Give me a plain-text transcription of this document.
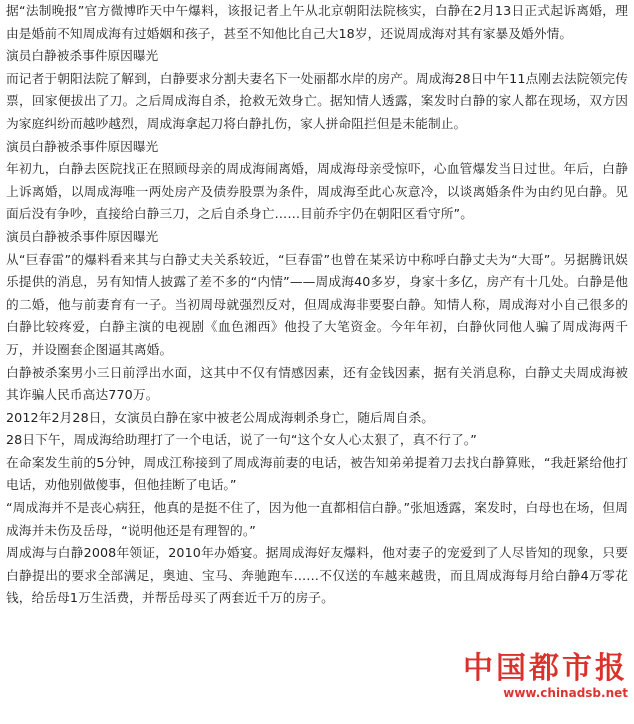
据“法制晚报”官方微博昨天中午爆料，该报记者上午从北京朝阳法院核实，白静在2月13日正式起诉离婚，理由是婚前不知周成海有过婚姻和孩子，甚至不知他比自己大18岁，还说周成海对其有家暴及婚外情。

演员白静被杀事件原因曝光

而记者于朝阳法院了解到，白静要求分割夫妻名下一处丽都水岸的房产。周成海28日中午11点刚去法院领完传票，回家便拔出了刀。之后周成海自杀，抢救无效身亡。据知情人透露，案发时白静的家人都在现场，双方因为家庭纠纷而越吵越烈，周成海拿起刀将白静扎伤，家人拼命阻拦但是未能制止。

演员白静被杀事件原因曝光

年初九，白静去医院找正在照顾母亲的周成海闹离婚，周成海母亲受惊吓，心血管爆发当日过世。年后，白静上诉离婚，以周成海唯一两处房产及债券股票为条件，周成海至此心灰意冷，以谈离婚条件为由约见白静。见面后没有争吵，直接给白静三刀，之后自杀身亡……目前乔宇仍在朝阳区看守所”。

演员白静被杀事件原因曝光

从“巨春雷”的爆料看来其与白静丈夫关系较近，“巨春雷”也曾在某采访中称呼白静丈夫为“大哥”。另据腾讯娱乐提供的消息，另有知情人披露了差不多的“内情”——周成海40多岁，身家十多亿，房产有十几处。白静是他的二婚，他与前妻育有一子。当初周母就强烈反对，但周成海非要娶白静。知情人称，周成海对小自己很多的白静比较疼爱，白静主演的电视剧《血色湘西》他投了大笔资金。今年年初，白静伙同他人骗了周成海两千万，并设圈套企图逼其离婚。

白静被杀案男小三日前浮出水面，这其中不仅有情感因素，还有金钱因素，据有关消息称，白静丈夫周成海被其诈骗人民币高达770万。

2012年2月28日，女演员白静在家中被老公周成海刺杀身亡，随后周自杀。

28日下午，周成海给助理打了一个电话，说了一句“这个女人心太狠了，真不行了。”

在命案发生前的5分钟，周成江称接到了周成海前妻的电话，被告知弟弟提着刀去找白静算账，“我赶紧给他打电话，劝他别做傻事，但他挂断了电话。”

“周成海并不是丧心病狂，他真的是挺不住了，因为他一直都相信白静。”张旭透露，案发时，白母也在场，但周成海并未伤及岳母，“说明他还是有理智的。”

周成海与白静2008年领证，2010年办婚宴。据周成海好友爆料，他对妻子的宠爱到了人尽皆知的现象，只要白静提出的要求全部满足，奥迪、宝马、奔驰跑车……不仅送的车越来越贵，而且周成海每月给白静4万零花钱，给岳母1万生活费，并帮岳母买了两套近千万的房子。

中国都市报
www.chinadsb.net
